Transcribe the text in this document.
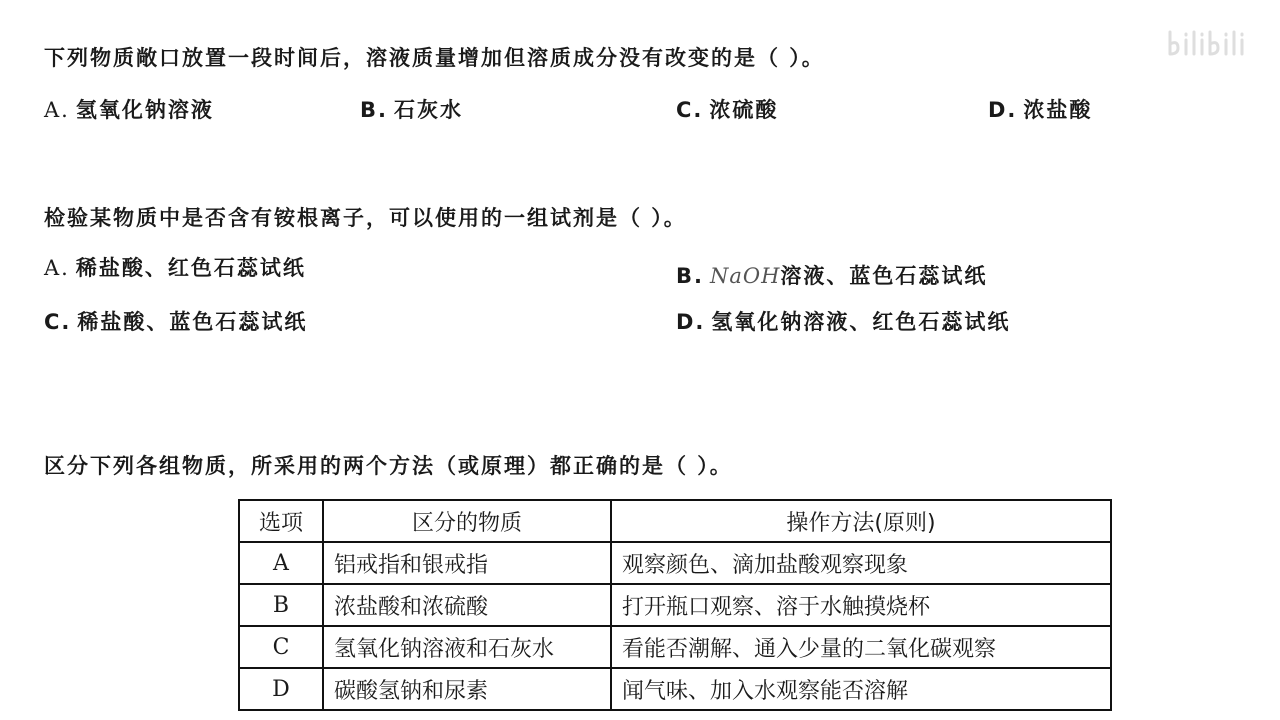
下列物质敞口放置一段时间后，溶液质量增加但溶质成分没有改变的是（ ）。
A. 氢氧化钠溶液	B. 石灰水	C. 浓硫酸	D. 浓盐酸
检验某物质中是否含有铵根离子，可以使用的一组试剂是（ ）。
A. 稀盐酸、红色石蕊试纸	B. NaOH溶液、蓝色石蕊试纸
C. 稀盐酸、蓝色石蕊试纸	D. 氢氧化钠溶液、红色石蕊试纸
区分下列各组物质，所采用的两个方法（或原理）都正确的是（ ）。
选项	区分的物质	操作方法(原则)
A	铝戒指和银戒指	观察颜色、滴加盐酸观察现象
B	浓盐酸和浓硫酸	打开瓶口观察、溶于水触摸烧杯
C	氢氧化钠溶液和石灰水	看能否潮解、通入少量的二氧化碳观察
D	碳酸氢钠和尿素	闻气味、加入水观察能否溶解
